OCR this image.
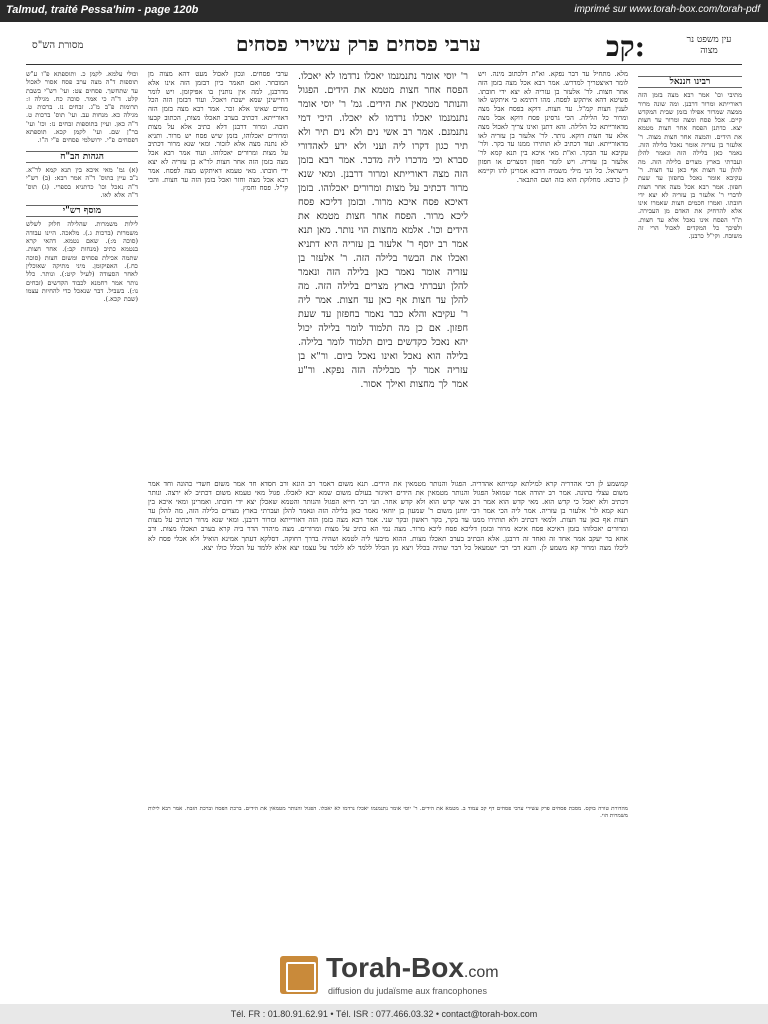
Talmud, traité Pessa'him - page 120b	imprimé sur www.torah-box.com/torah-pdf
מסורת הש"ס	ערבי פסחים פרק עשירי פסחים	קכ:	עין משפט נר מצוה
וכולי עלמא. לקמן כ. ותוספתא פ"ו ע"ש תוספות ד"ה מצה ערב פסח אסור לאכול עד שתחשך. פסחים צט: ועי' רש"י בשבת קלט. ד"ה כי אמר. סוכה כח. מגילה ז: תרומות פ"ב מ"ג. זבחים נז. ברכות ט. מגילה כא. מנחות עב. ועי' תוס' ברכות ט. ד"ה כאן. ועיין בתוספות זבחים נז: וכו' ועי' בר"ן שם. ועי' לקמן קכא. תוספתא דפסחים פ"י. ירושלמי פסחים פ"י ה"ו.
הגהות הב"ח
(א) גמ' מאי איכא בין תנא קמא לר"א. נ"ב עיין בתוס' ד"ה אמר רבא: (ב) רש"י ד"ה נאכל וכו' כדתניא בספרי. (ג) תוס' ד"ה אלא לאו.
מוסף רש"י
לילות משמרות. שהלילה חלוק לשלש משמרות (ברכות ג.). מלאכה. היינו עבודה (סוכה מ:). שאם נטמא. דהאי קרא בנטמא כתיב (מנחות קב:). אחר חצות. שתמה אכילת פסחים ומשום חצות (סוכה כח.). האפיקומן. מיני מתיקה שאוכלין לאחר הסעודה (לעיל קיט:). ונותר. כלל נותר אמר רחמנא לכבוד הקדשים (זבחים נו:). בשביל. דבר שנאכל כדי להחיות עצמו (שבת קכא.).
ערבי פסחים. ונכון לאכול מעט דהא מצוה מן המובחר. ואם תאמר כיון דבזמן הזה אינו אלא מדרבנן, למה אין נותנין בו אפיקומן. ויש לומר דחיישינן שמא ישכח ויאכל. ועוד דבזמן הזה הכל מודים שאינו אלא זכר. אמר רבא מצה בזמן הזה דאורייתא. דכתיב בערב תאכלו מצות, הכתוב קבעו חובה. ומרור דרבנן דלא כתיב אלא על מצות ומרורים יאכלוהו, בזמן שיש פסח יש מרור. ותניא לא נתנה מצה אלא לזכור. ומאי שנא מרור דכתיב על מצות ומרורים יאכלוהו. ועוד אמר רבא אכל מצה בזמן הזה אחר חצות לר"א בן עזריה לא יצא ידי חובתו. מאי טעמא דאיתקש מצה לפסח. אמר רבא אכל מצה וחזר ואכל בזמן הזה עד חצות. והכי קי"ל. פסח וחמץ.
ר' יוסי אומר נתנמנמו יאכלו נרדמו לא יאכלו. הפסח אחר חצות מטמא את הידים. הפגול והנותר מטמאין את הידים. גמ' ר' יוסי אומר נתנמנמו יאכלו נרדמו לא יאכלו. היכי דמי נתנמנם. אמר רב אשי נים ולא נים תיר ולא תיר כגון דקרו ליה ועני ולא ידע לאהדורי סברא וכי מדכרו ליה מדכר. אמר רבא בזמן הזה מצה דאורייתא ומרור דרבנן. ומאי שנא מרור דכתיב על מצות ומרורים יאכלוהו. בזמן דאיכא פסח איכא מרור. ובזמן דליכא פסח ליכא מרור. הפסח אחר חצות מטמא את הידים וכו'. אלמא מחצות הוי נותר. מאן תנא אמר רב יוסף ר' אלעזר בן עזריה היא דתניא ואכלו את הבשר בלילה הזה. ר' אלעזר בן עזריה אומר נאמר כאן בלילה הזה ונאמר להלן ועברתי בארץ מצרים בלילה הזה. מה להלן עד חצות אף כאן עד חצות. אמר ליה ר' עקיבא והלא כבר נאמר בחפזון עד שעת חפזון. אם כן מה תלמוד לומר בלילה יכול יהא נאכל כקדשים ביום תלמוד לומר בלילה. בלילה הוא נאכל ואינו נאכל ביום. ור"א בן עזריה אמר לך מבלילה הזה נפקא. ור"ע אמר לך מחצות ואילך אסור.
מלא. מתחיל עד דבר נפקא. וא"ת דלכתוב מינה. ויש לומר דאיצטריך למדרש. אמר רבא אכל מצה בזמן הזה אחר חצות. לר' אלעזר בן עזריה לא יצא ידי חובתו. פשיטא דהא איתקש לפסח. מהו דתימא כי איתקש לאו לענין חצות קמ"ל. עד חצות. דוקא בפסח אבל מצה ומרור כל הלילה. הכי גרסינן פסח דוקא אבל מצה מדאורייתא כל הלילה. והא דתנן ואינו צריך לאכול מצה אלא עד חצות דוקא. נותר. לר' אלעזר בן עזריה לאו מדאורייתא. ועוד דכתיב לא תותירו ממנו עד בקר. ולר' עקיבא עד הבקר. וא"ת מאי איכא בין תנא קמא לר' אלעזר בן עזריה. ויש לומר חפזון דמצרים או חפזון דישראל. כל הני מילי משמיה דרבא אמרינן להו וקיימא לן כרבא. מחלוקת הוא בזה ושם התבאר.
רבינו חננאל
מתיבי וכו' אמר רבא מצה בזמן הזה דאורייתא ומרור דרבנן. ומה שונה מרור ממצה שמרור אפילו בזמן שבית המקדש קיים. אכל פסח ומצה ומרור עד חצות יצא. כדתנן הפסח אחר חצות מטמא את הידים. והמצה אחר חצות מצוה. ר' אלעזר בן עזריה אומר נאכל בלילה הזה. נאמר כאן בלילה הזה ונאמר להלן ועברתי בארץ מצרים בלילה הזה. מה להלן עד חצות אף כאן עד חצות. ר' עקיבא אומר נאכל בחפזון עד שעת חפזון. אמר רבא אכל מצה אחר חצות לדברי ר' אלעזר בן עזריה לא יצא ידי חובתו. ואמרו חכמים חצות שאמרו אינו אלא להרחיק את האדם מן העבירה. ת"ר הפסח אינו נאכל אלא עד חצות. ולפיכך כל המקדים לאכול הרי זה משובח. וקי"ל כרבנן.
קמשמע לן דכי אהדריה קרא למילתא קמייתא אהדריה. הפגול והנותר מטמאין את הידים. תנא משום דאמר רב הונא ורב חסדא חד אמר משום חשדי כהונה וחד אמר משום עצלי כהונה. אמר רב יהודה אמר שמואל הפגול והנותר מטמאין את הידים דאיגזר בעולם משום שמא יבא לאכלו. פגול מאי טעמא משום דכתיב לא ירצה. ונותר דכתיב ולא יאכל כי קדש הוא. מאי קדש הוא אמר רב אשי קדש הוא ולא קדש אחר. תני רבי חייא הפגול והנותר והטמא שאכלן יצא ידי חובתו. ואמרינן ומאי איכא בין תנא קמא לר' אלעזר בן עזריה. אמר ליה הכי אמר רבי יוחנן משום ר' שמעון בן יוחאי נאמר כאן בלילה הזה ונאמר להלן ועברתי בארץ מצרים בלילה הזה, מה להלן עד חצות אף כאן עד חצות. ולמאי דכתיב ולא תותירו ממנו עד בקר, בקר ראשון ובקר שני. אמר רבא מצה בזמן הזה דאורייתא ומרור דרבנן. ומאי שנא מרור דכתיב על מצות ומרורים יאכלוהו בזמן דאיכא פסח איכא מרור ובזמן דליכא פסח ליכא מרור. מצה נמי הא כתיב על מצות ומרורים. מצה מיהדר הדר ביה קרא בערב תאכלו מצות. ורב אחא בר יעקב אמר אחד זה ואחד זה דרבנן. אלא הכתיב בערב תאכלו מצות. ההוא מיבעי ליה לטמא ושהיה בדרך רחוקה. דסלקא דעתך אמינא הואיל ולא אכלי פסח לא ליכלו מצה ומרור קא משמע לן. ותנא דבי רבי ישמעאל כל דבר שהיה בכלל ויצא מן הכלל ללמד לא ללמד על עצמו יצא אלא ללמד על הכלל כולו יצא.
מהדורת טורה בוקס. מסכת פסחים פרק עשירי ערבי פסחים דף קכ עמוד ב. מטמא את הידים. ר' יוסי אומר נתנמנמו יאכלו נרדמו לא יאכלו. הפגול והנותר מטמאין את הידים. ברכת הפסח וברכת הזבח. אמר רבא לילות משמרות הוי.
Torah-Box.com
diffusion du judaïsme aux francophones
Tél. FR : 01.80.91.62.91 • Tél. ISR : 077.466.03.32 • contact@torah-box.com
